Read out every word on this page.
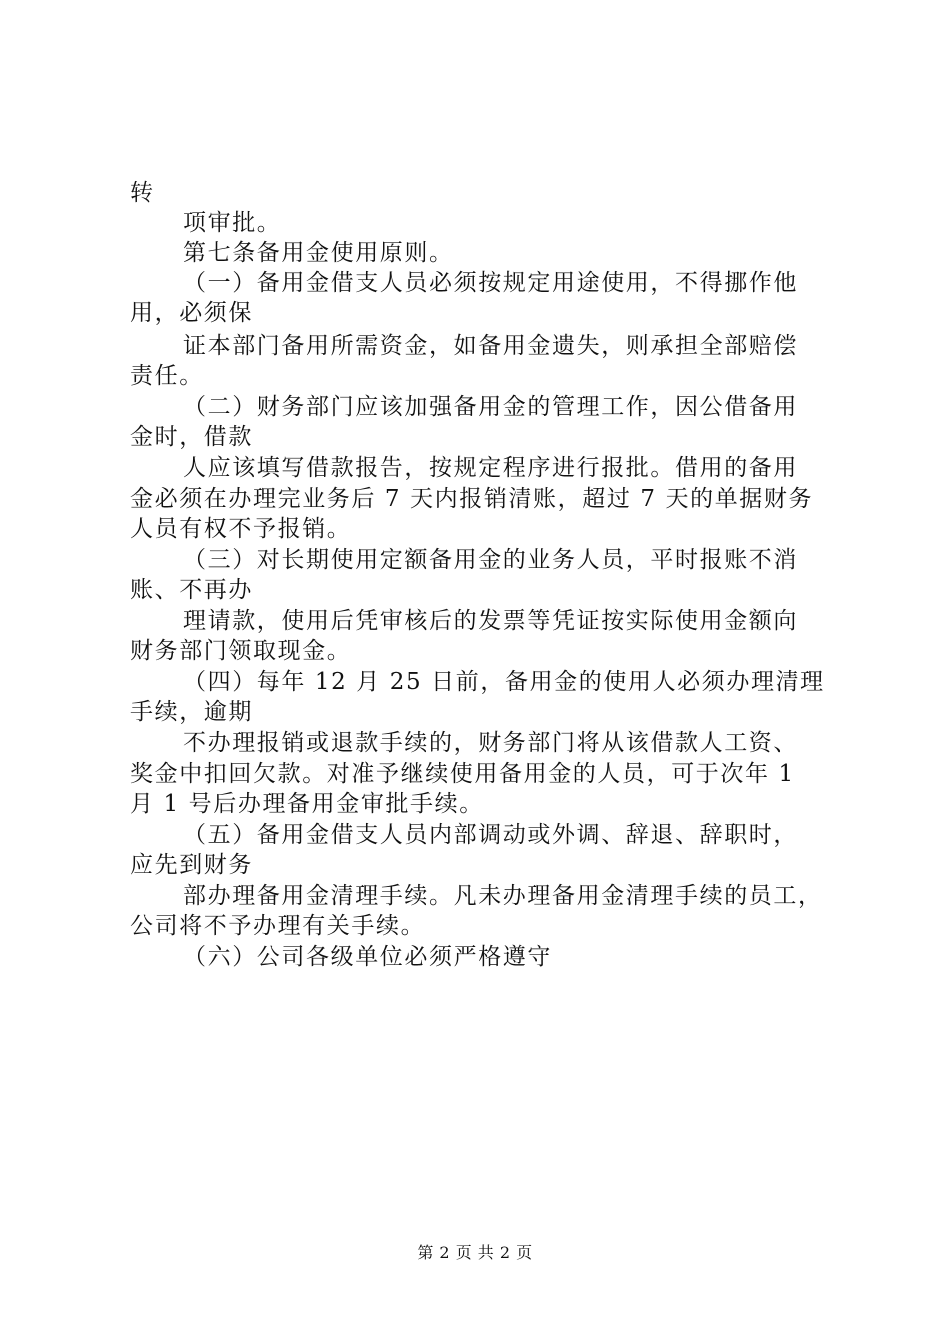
转
项审批。
第七条备用金使用原则。
（一）备用金借支人员必须按规定用途使用，不得挪作他
用，必须保
证本部门备用所需资金，如备用金遗失，则承担全部赔偿
责任。
（二）财务部门应该加强备用金的管理工作，因公借备用
金时，借款
人应该填写借款报告，按规定程序进行报批。借用的备用
金必须在办理完业务后 7 天内报销清账，超过 7 天的单据财务
人员有权不予报销。
（三）对长期使用定额备用金的业务人员，平时报账不消
账、不再办
理请款，使用后凭审核后的发票等凭证按实际使用金额向
财务部门领取现金。
（四）每年 12 月 25 日前，备用金的使用人必须办理清理
手续，逾期
不办理报销或退款手续的，财务部门将从该借款人工资、
奖金中扣回欠款。对准予继续使用备用金的人员，可于次年 1
月 1 号后办理备用金审批手续。
（五）备用金借支人员内部调动或外调、辞退、辞职时，
应先到财务
部办理备用金清理手续。凡未办理备用金清理手续的员工，
公司将不予办理有关手续。
（六）公司各级单位必须严格遵守
第 2 页 共 2 页
